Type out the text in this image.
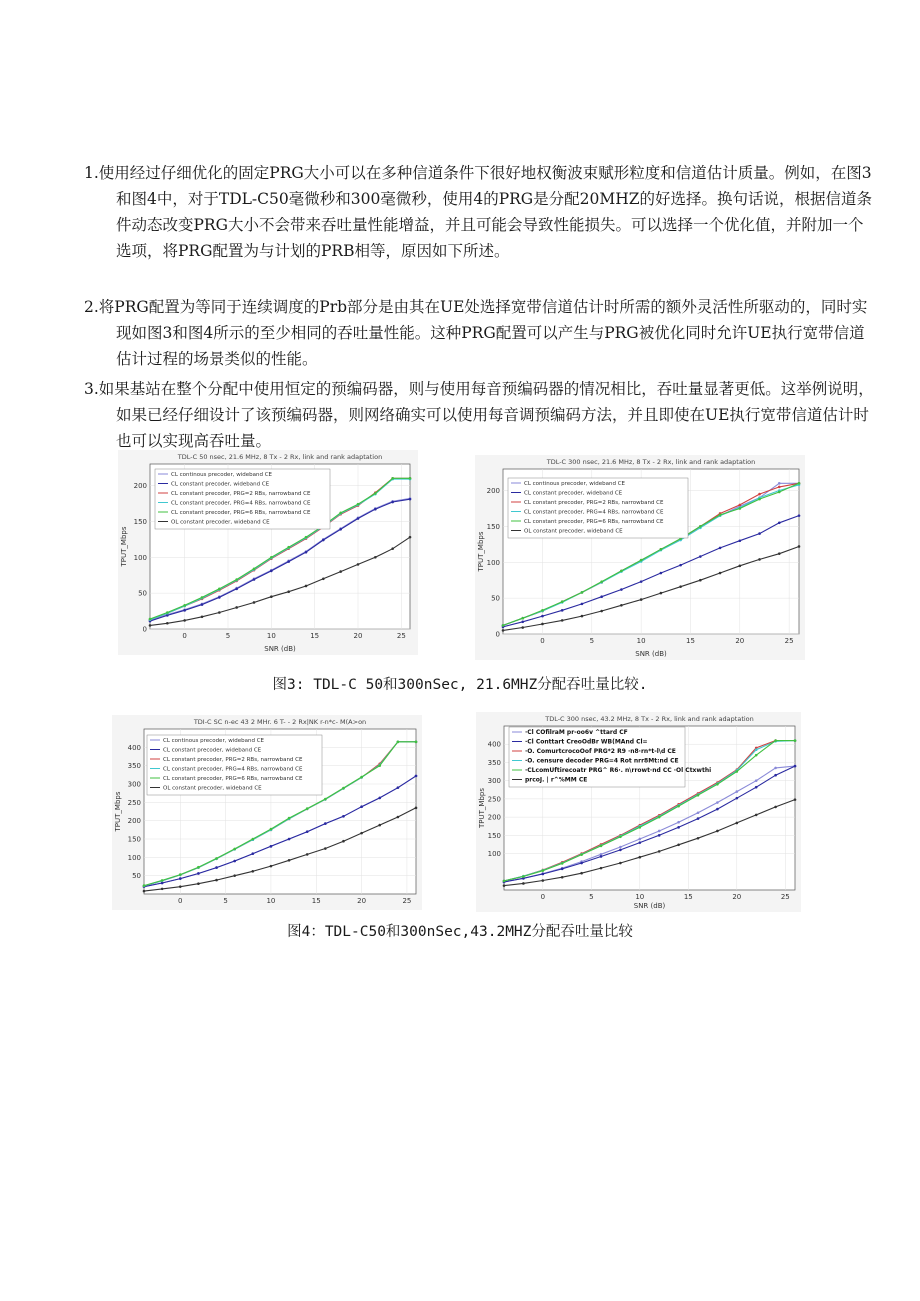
1.使用经过仔细优化的固定PRG大小可以在多种信道条件下很好地权衡波束赋形粒度和信道估计质量。例如，在图3和图4中，对于TDL-C50毫微秒和300毫微秒，使用4的PRG是分配20MHZ的好选择。换句话说，根据信道条件动态改变PRG大小不会带来吞吐量性能增益，并且可能会导致性能损失。可以选择一个优化值，并附加一个选项，将PRG配置为与计划的PRB相等，原因如下所述。
2.将PRG配置为等同于连续调度的Prb部分是由其在UE处选择宽带信道估计时所需的额外灵活性所驱动的，同时实现如图3和图4所示的至少相同的吞吐量性能。这种PRG配置可以产生与PRG被优化同时允许UE执行宽带信道估计过程的场景类似的性能。
3.如果基站在整个分配中使用恒定的预编码器，则与使用每音预编码器的情况相比，吞吐量显著更低。这举例说明，如果已经仔细设计了该预编码器，则网络确实可以使用每音调预编码方法，并且即使在UE执行宽带信道估计时也可以实现高吞吐量。
TDL-C 50 nsec, 21.6 MHz, 8 Tx - 2 Rx, link and rank adaptation
0	5	10	15	20	25
0
50
100
150
200
SNR (dB)
TPUT_Mbps
CL continous precoder, wideband CE
CL constant precoder, wideband CE
CL constant precoder, PRG=2 RBs, narrowband CE
CL constant precoder, PRG=4 RBs, narrowband CE
CL constant precoder, PRG=6 RBs, narrowband CE
OL constant precoder, wideband CE
TDL-C 300 nsec, 21.6 MHz, 8 Tx - 2 Rx, link and rank adaptation
0	5	10	15	20	25
0
50
100
150
200
SNR (dB)
TPUT_Mbps
CL continous precoder, wideband CE
CL constant precoder, wideband CE
CL constant precoder, PRG=2 RBs, narrowband CE
CL constant precoder, PRG=4 RBs, narrowband CE
CL constant precoder, PRG=6 RBs, narrowband CE
OL constant precoder, wideband CE
图3: TDL-C 50和300nSec, 21.6MHZ分配吞吐量比较.
TDI-C SC n-ec 43 2 MHr. 6 T- - 2 Rx|NK r-n*c- M(A>on
0	5	10	15	20	25
50
100
150
200
250
300
350
400
TPUT_Mbps
CL continous precoder, wideband CE
CL constant precoder, wideband CE
CL constant precoder, PRG=2 RBs, narrowband CE
CL constant precoder, PRG=4 RBs, narrowband CE
CL constant precoder, PRG=6 RBs, narrowband CE
OL constant precoder, wideband CE
TDL-C 300 nsec, 43.2 MHz, 8 Tx - 2 Rx, link and rank adaptation
0	5	10	15	20	25
100
150
200
250
300
350
400
SNR (dB)
TPUT_Mbps
·Cl COfilraM pr-oo6v ^ttard CF
·Cl Conttart CreoOdBr WB(MAnd Cl=
·O. ComurtcrocoOof PRG*2 R9 ·n8·rn*t-l\d CE
·O. censure decoder PRG=4 Rot nrr8Mt:nd CE
·CLcomUftirecoatr PRG^ R6·. n\rrowt·nd CC ·Ol Ctxwthi
prcoJ. | r^%MM CE
图4：TDL-C50和300nSec,43.2MHZ分配吞吐量比较
